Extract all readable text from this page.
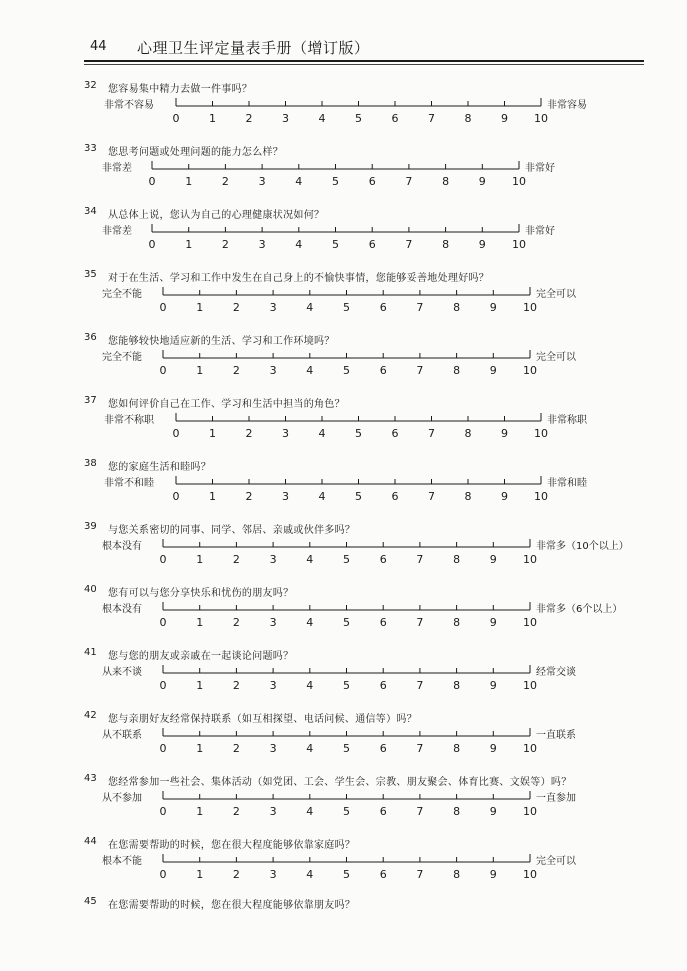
44 心理卫生评定量表手册（增订版）
32 您容易集中精力去做一件事吗？
非常不容易	非常容易
0	1	2	3	4	5	6	7	8	9 10
33 您思考问题或处理问题的能力怎么样？
非常差	非常好
0	1	2	3	4	5	6	7	8	9 10
34 从总体上说，您认为自己的心理健康状况如何？
非常差	非常好
0	1	2	3	4	5	6	7	8	9 10
35 对于在生活、学习和工作中发生在自己身上的不愉快事情，您能够妥善地处理好吗？
完全不能	完全可以
0	1	2	3	4	5	6	7	8	9 10
36 您能够较快地适应新的生活、学习和工作环境吗？
完全不能	完全可以
0	1	2	3	4	5	6	7	8	9 10
37 您如何评价自己在工作、学习和生活中担当的角色？
非常不称职	非常称职
0	1	2	3	4	5	6	7	8	9 10
38 您的家庭生活和睦吗？
非常不和睦	非常和睦
0	1	2	3	4	5	6	7	8	9 10
39 与您关系密切的同事、同学、邻居、亲戚或伙伴多吗？
根本没有	非常多（10个以上）
0	1	2	3	4	5	6	7	8	9 10
40 您有可以与您分享快乐和忧伤的朋友吗？
根本没有	非常多（6个以上）
0	1	2	3	4	5	6	7	8	9 10
41 您与您的朋友或亲戚在一起谈论问题吗？
从来不谈	经常交谈
0	1	2	3	4	5	6	7	8	9 10
42 您与亲朋好友经常保持联系（如互相探望、电话问候、通信等）吗？
从不联系	一直联系
0	1	2	3	4	5	6	7	8	9 10
43 您经常参加一些社会、集体活动（如党团、工会、学生会、宗教、朋友聚会、体育比赛、文娱等）吗？
从不参加	一直参加
0	1	2	3	4	5	6	7	8	9 10
44 在您需要帮助的时候，您在很大程度能够依靠家庭吗？
根本不能	完全可以
0	1	2	3	4	5	6	7	8	9 10
45 在您需要帮助的时候，您在很大程度能够依靠朋友吗？
